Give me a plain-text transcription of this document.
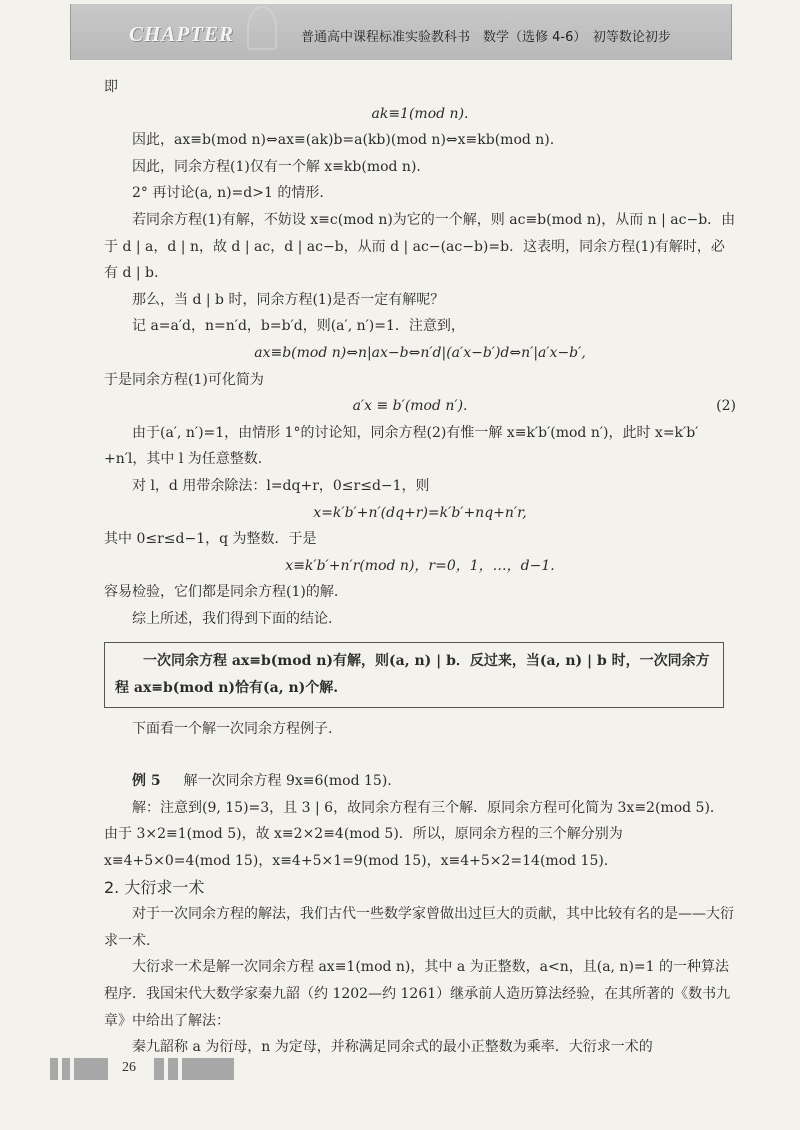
CHAPTER	普通高中课程标准实验教科书　数学（选修 4-6）　初等数论初步

即

ak≡1(mod n).

因此，ax≡b(mod n)⇔ax≡(ak)b=a(kb)(mod n)⇔x≡kb(mod n).

因此，同余方程(1)仅有一个解 x≡kb(mod n).

2° 再讨论(a, n)=d>1 的情形.

若同余方程(1)有解，不妨设 x≡c(mod n)为它的一个解，则 ac≡b(mod n)，从而 n | ac−b．由于 d | a，d | n，故 d | ac，d | ac−b，从而 d | ac−(ac−b)=b．这表明，同余方程(1)有解时，必有 d | b.

那么，当 d | b 时，同余方程(1)是否一定有解呢？

记 a=a′d，n=n′d，b=b′d，则(a′, n′)=1．注意到，

ax≡b(mod n)⇔n|ax−b⇔n′d|(a′x−b′)d⇔n′|a′x−b′,

于是同余方程(1)可化简为

a′x ≡ b′(mod n′).	(2)

由于(a′, n′)=1，由情形 1°的讨论知，同余方程(2)有惟一解 x≡k′b′(mod n′)，此时 x=k′b′+n′l，其中 l 为任意整数.

对 l，d 用带余除法：l=dq+r，0≤r≤d−1，则

x=k′b′+n′(dq+r)=k′b′+nq+n′r,

其中 0≤r≤d−1，q 为整数．于是

x≡k′b′+n′r(mod n)，r=0，1，…，d−1.

容易检验，它们都是同余方程(1)的解.

综上所述，我们得到下面的结论.

一次同余方程 ax≡b(mod n)有解，则(a, n) | b．反过来，当(a, n) | b 时，一次同余方程 ax≡b(mod n)恰有(a, n)个解.

下面看一个解一次同余方程例子.

例 5 　 解一次同余方程 9x≡6(mod 15).

解：注意到(9, 15)=3，且 3 | 6，故同余方程有三个解．原同余方程可化简为 3x≡2(mod 5)．由于 3×2≡1(mod 5)，故 x≡2×2≡4(mod 5)．所以，原同余方程的三个解分别为 x≡4+5×0=4(mod 15)，x≡4+5×1=9(mod 15)，x≡4+5×2=14(mod 15).

2. 大衍求一术

对于一次同余方程的解法，我们古代一些数学家曾做出过巨大的贡献，其中比较有名的是——大衍求一术.

大衍求一术是解一次同余方程 ax≡1(mod n)，其中 a 为正整数，a<n，且(a, n)=1 的一种算法程序．我国宋代大数学家秦九韶（约 1202—约 1261）继承前人造历算法经验，在其所著的《数书九章》中给出了解法：

秦九韶称 a 为衍母，n 为定母，并称满足同余式的最小正整数为乘率．大衍求一术的

26
